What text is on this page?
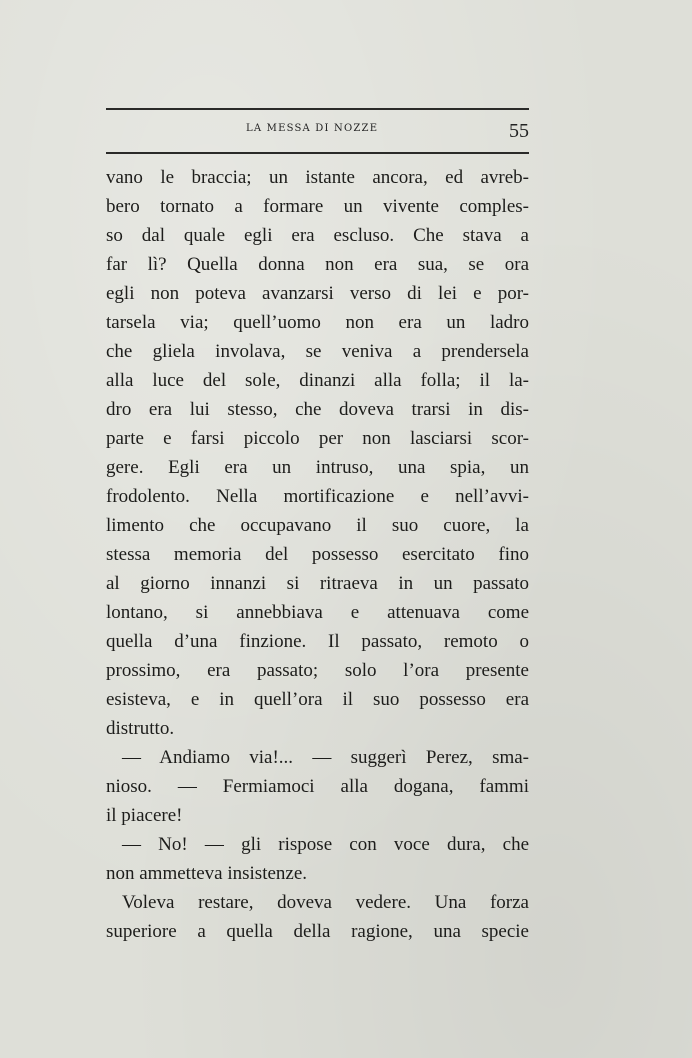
LA MESSA DI NOZZE	55
vano le braccia; un istante ancora, ed avreb-
bero tornato a formare un vivente comples-
so dal quale egli era escluso. Che stava a
far lì? Quella donna non era sua, se ora
egli non poteva avanzarsi verso di lei e por-
tarsela via; quell’uomo non era un ladro
che gliela involava, se veniva a prendersela
alla luce del sole, dinanzi alla folla; il la-
dro era lui stesso, che doveva trarsi in dis-
parte e farsi piccolo per non lasciarsi scor-
gere. Egli era un intruso, una spia, un
frodolento. Nella mortificazione e nell’avvi-
limento che occupavano il suo cuore, la
stessa memoria del possesso esercitato fino
al giorno innanzi si ritraeva in un passato
lontano, si annebbiava e attenuava come
quella d’una finzione. Il passato, remoto o
prossimo, era passato; solo l’ora presente
esisteva, e in quell’ora il suo possesso era
distrutto.
— Andiamo via!... — suggerì Perez, sma-
nioso. — Fermiamoci alla dogana, fammi
il piacere!
— No! — gli rispose con voce dura, che
non ammetteva insistenze.
Voleva restare, doveva vedere. Una forza
superiore a quella della ragione, una specie
